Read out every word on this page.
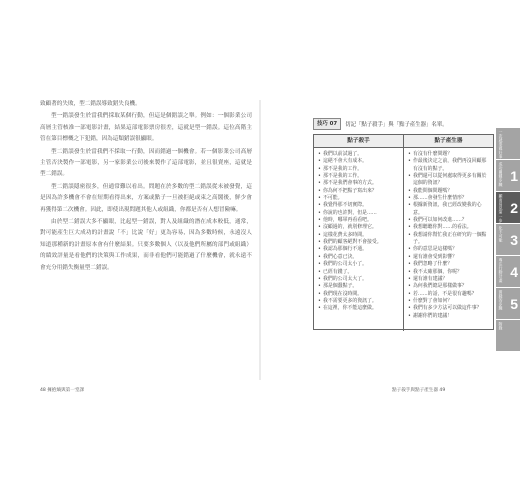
致顧著的失敗，型二錯誤導致錯失良機。

型一錯誤發生於當我們採取某個行動，但這是個錯誤之舉。例如：一個影業公司高層主管核准一部電影計畫，結果這部電影票房很差，這就是型一錯誤。這位高階主管在第目標概之下犯錯，因為這類錯誤很顯眼。

型二錯誤發生於當我們不採取一行動，因而錯過一個機會。若一個影業公司高層主管否決製作一部電影，另一家影業公司後來製作了這部電影，並且很賣座，這就是型二錯誤。

型二錯誤隱密很多，但通常難以看出。問題在於多數的型二錯誤從未被發覺，這是因為許多機會不會在短期看得出來，方案或點子一旦被拒絕或束之高閣後，鮮少會再獲得第二次機會。因此，即使出現問題其他人或組織，你都是否有人想冒險嘛。

由於型二錯誤大多不顯眼，比起型一錯誤，對人及組織的潛在成本較低，通常，對可能產生巨大成功的計畫說「不」比說「好」更為容易，因為多數時候，永遠沒人知道那種新的計畫原本會有什麼結果。只要多數個人（以及他們所屬的部門或組織）的績效評量是看他們的決策與工作成果，而非看他們可能錯過了什麼機會，就永遠不會充分用錯失衡量型二錯誤。

48 擁抱熵與第一堂課
技巧 07	切記「點子殺手」與「點子產生器」名單。
點子殺手	點子產生器
• 我們以前試過了。
• 這絕不會大有成本。
• 那不是我的工作。
• 那不是我的工作。
• 那不是我們會事的方式。
• 你為何不把點子寫出來？
• 不可能。
• 我覺得那不切實際。
• 你說的也許對，但是……
• 他時，哪軍再看看吧。
• 沒顧過的，就別修理它。
• 這樣花費太多時間。
• 我們的顧客絕對不會接受。
• 我認為那個行不通。
• 我們心意已決。
• 我們的公司太小了。
• 已經有錢了。
• 我們的公司太大了。
• 那是個蠢點子。
• 我們現在沒時間。
• 我不需要更多的資訊了。
• 在這裡，你不能這麼做。
• 有沒有什麼問題？
• 作最後決定之前，我們再沒回顧那有沒有的點子。
• 我們還可以從何處取得更多有關於這個的資訊？
• 我能問個問題嗎？
• 那……會發生什麼情形？
• 根據新資訊，我已經改變我的心意。
• 我們可以如何改進……？
• 我想聽聽你對……的看法。
• 我想請你幫忙我正在研究的一個點子。
• 你的意思是這樣嗎？
• 還有誰會受到影響？
• 我們忽略了什麼？
• 我不太確那個，你呢？
• 還有誰有建議？
• 為何我們總是那樣做事？
• 若……的話，不是很有趣嗎？
• 什麼對了會如何？
• 我們有多少方法可以做這件事？
• 謝謝你們的建議！
點子殺手與點子產生器 49
一次就要做好事
成功關鍵步驟 1
顯而易見第一步 2
化不可能 3
專注行動計畫 4
實踐的步驟 5
附錄
